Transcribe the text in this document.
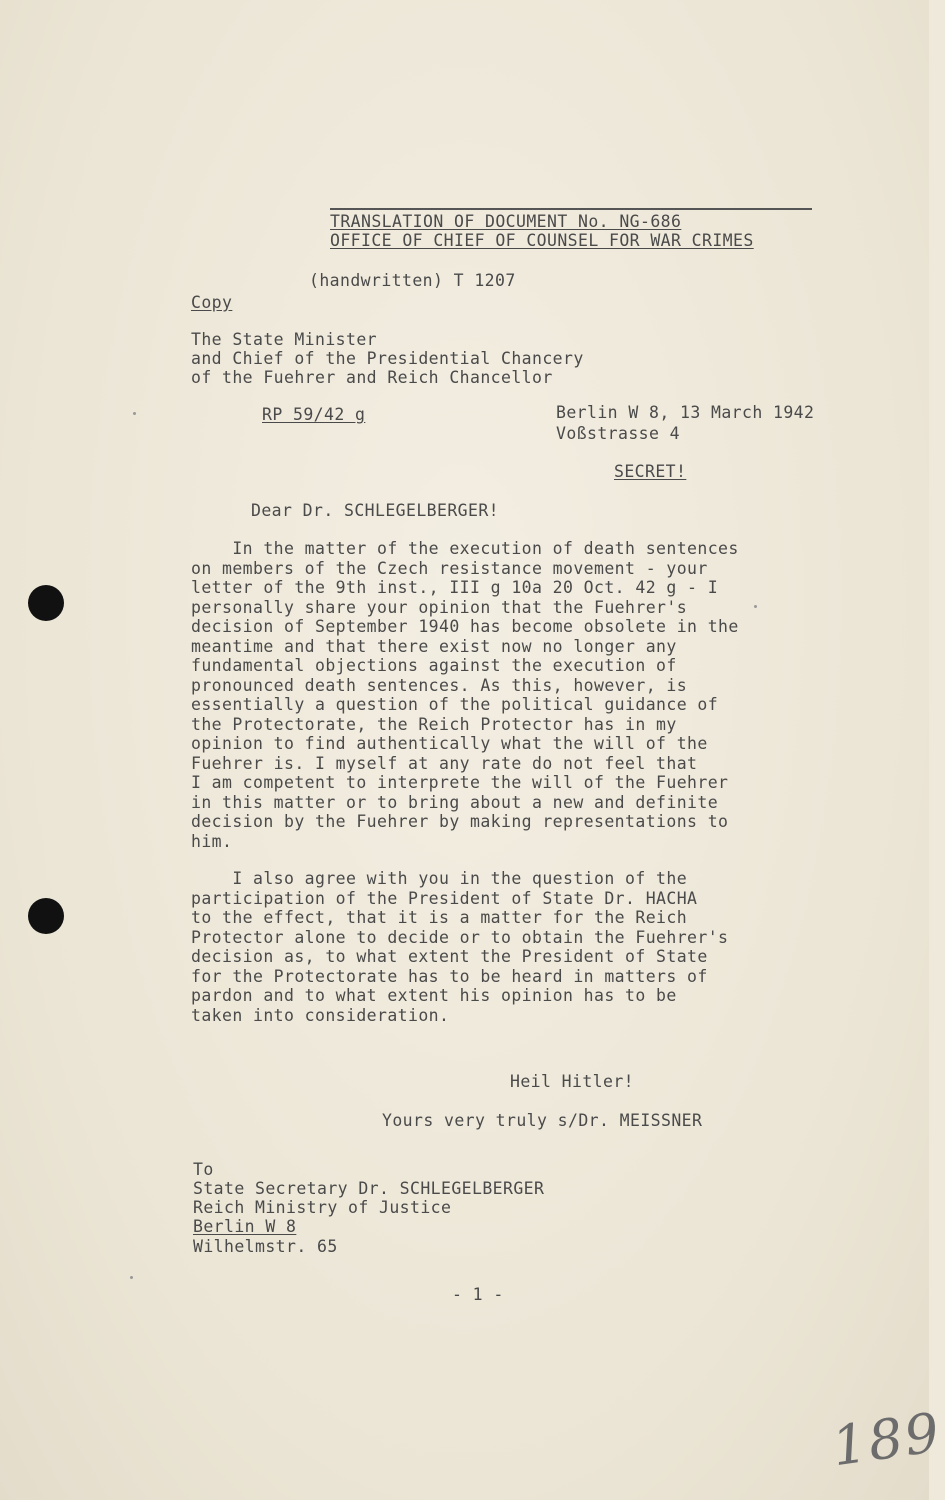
TRANSLATION OF DOCUMENT No. NG-686
OFFICE OF CHIEF OF COUNSEL FOR WAR CRIMES
(handwritten) T 1207
Copy
The State Minister
and Chief of the Presidential Chancery
of the Fuehrer and Reich Chancellor
RP 59/42 g	Berlin W 8, 13 March 1942
Voßstrasse 4
SECRET!
Dear Dr. SCHLEGELBERGER!
In the matter of the execution of death sentences
on members of the Czech resistance movement - your
letter of the 9th inst., III g 10a 20 Oct. 42 g - I
personally share your opinion that the Fuehrer's
decision of September 1940 has become obsolete in the
meantime and that there exist now no longer any
fundamental objections against the execution of
pronounced death sentences. As this, however, is
essentially a question of the political guidance of
the Protectorate, the Reich Protector has in my
opinion to find authentically what the will of the
Fuehrer is. I myself at any rate do not feel that
I am competent to interprete the will of the Fuehrer
in this matter or to bring about a new and definite
decision by the Fuehrer by making representations to
him.
I also agree with you in the question of the
participation of the President of State Dr. HACHA
to the effect, that it is a matter for the Reich
Protector alone to decide or to obtain the Fuehrer's
decision as, to what extent the President of State
for the Protectorate has to be heard in matters of
pardon and to what extent his opinion has to be
taken into consideration.
Heil Hitler!
Yours very truly s/Dr. MEISSNER
To
State Secretary Dr. SCHLEGELBERGER
Reich Ministry of Justice
Berlin W 8
Wilhelmstr. 65
- 1 -
189
